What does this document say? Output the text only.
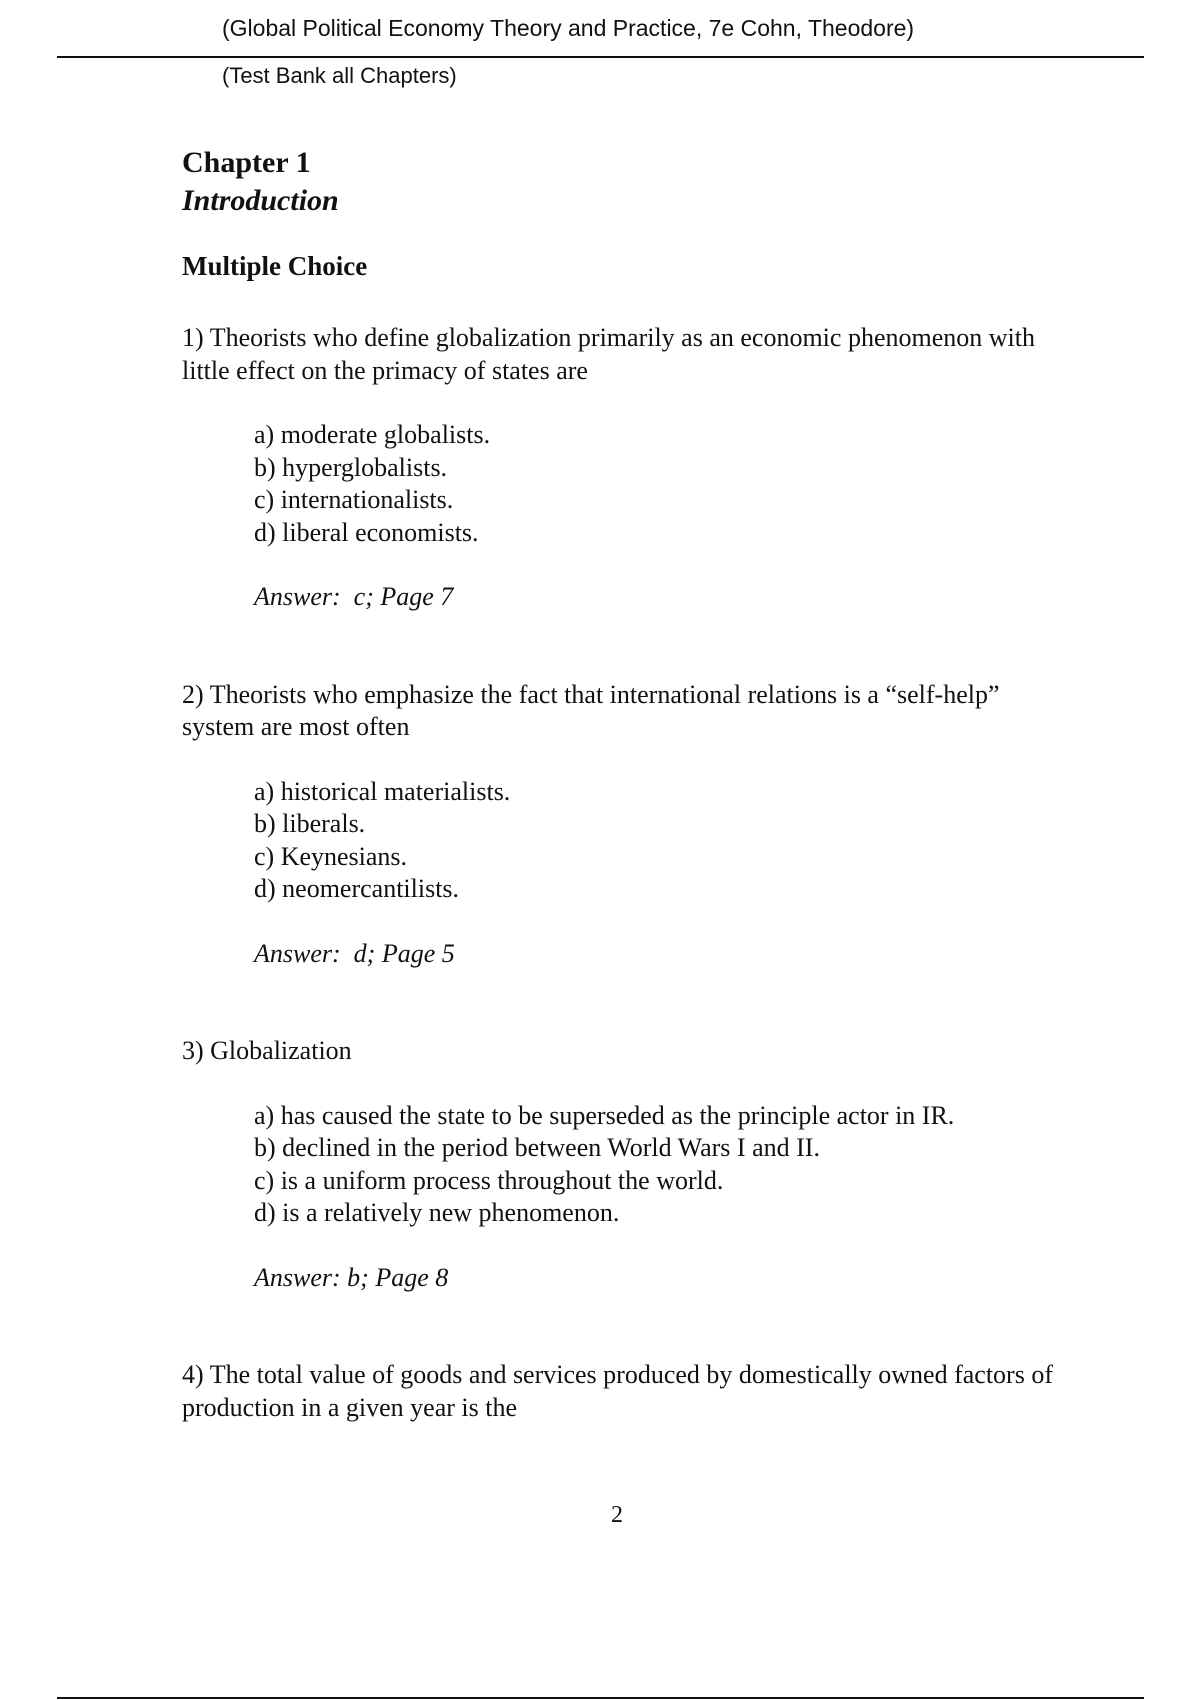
(Global Political Economy Theory and Practice, 7e Cohn, Theodore)
(Test Bank all Chapters)
Chapter 1
Introduction
Multiple Choice

1) Theorists who define globalization primarily as an economic phenomenon with little effect on the primacy of states are

a) moderate globalists.
b) hyperglobalists.
c) internationalists.
d) liberal economists.
Answer:  c; Page 7

2) Theorists who emphasize the fact that international relations is a “self-help” system are most often

a) historical materialists.
b) liberals.
c) Keynesians.
d) neomercantilists.
Answer:  d; Page 5

3) Globalization

a) has caused the state to be superseded as the principle actor in IR.
b) declined in the period between World Wars I and II.
c) is a uniform process throughout the world.
d) is a relatively new phenomenon.
Answer: b; Page 8

4) The total value of goods and services produced by domestically owned factors of production in a given year is the

2
